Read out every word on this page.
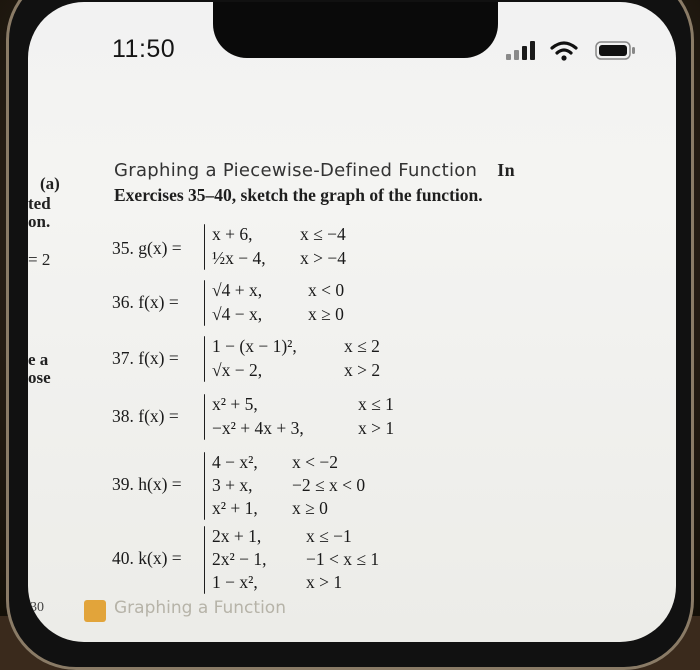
11:50
(a)
ted
on.
= 2
e a
ose
Graphing a Piecewise-Defined Function In
Exercises 35–40, sketch the graph of the function.
35. g(x) =
x + 6,	x ≤ −4
½x − 4, x > −4
36. f(x) =
√4 + x,	x < 0
√4 − x,	x ≥ 0
37. f(x) =
1 − (x − 1)²,	x ≤ 2
√x − 2,	x > 2
38. f(x) =
x² + 5,	x ≤ 1
−x² + 4x + 3,	x > 1
39. h(x) =
4 − x², x < −2
3 + x, −2 ≤ x < 0
x² + 1, x ≥ 0
40. k(x) =
2x + 1,	x ≤ −1
2x² − 1, −1 < x ≤ 1
1 − x²,	x > 1
30	Graphing a Function
